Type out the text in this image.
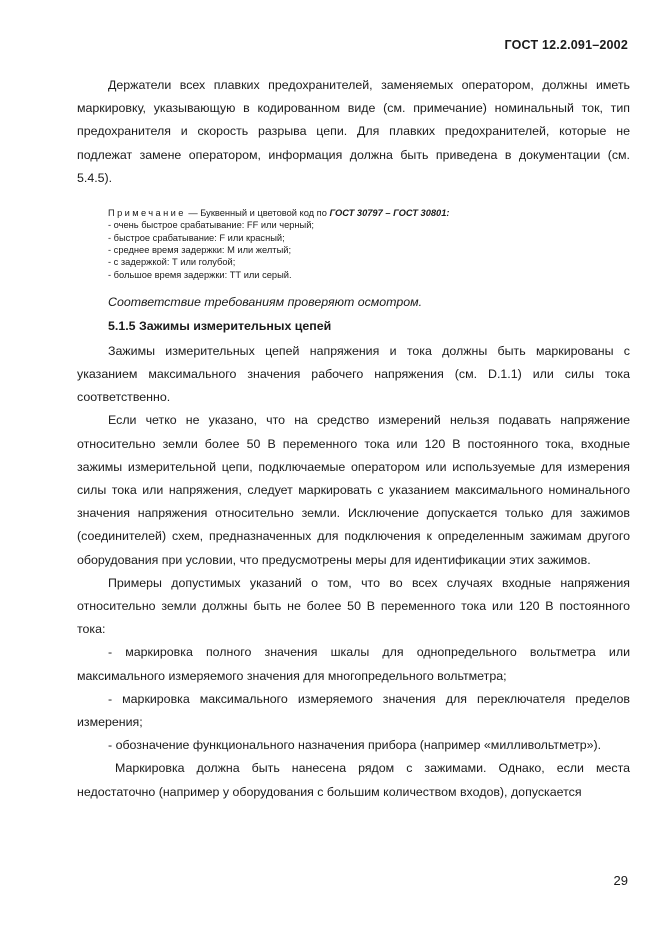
ГОСТ 12.2.091–2002

Держатели всех плавких предохранителей, заменяемых оператором, должны иметь маркировку, указывающую в кодированном виде (см. примечание) номинальный ток, тип предохранителя и скорость разрыва цепи. Для плавких предохранителей, которые не подлежат замене оператором, информация должна быть приведена в документации (см. 5.4.5).

Примечание — Буквенный и цветовой код по ГОСТ 30797 – ГОСТ 30801:
- очень быстрое срабатывание: FF или черный;
- быстрое срабатывание: F или красный;
- среднее время задержки: М или желтый;
- с задержкой: Т или голубой;
- большое время задержки: ТТ или серый.
Соответствие требованиям проверяют осмотром.
5.1.5 Зажимы измерительных цепей

Зажимы измерительных цепей напряжения и тока должны быть маркированы с указанием максимального значения рабочего напряжения (см. D.1.1) или силы тока соответственно.

Если четко не указано, что на средство измерений нельзя подавать напряжение относительно земли более 50 В переменного тока или 120 В постоянного тока, входные зажимы измерительной цепи, подключаемые оператором или используемые для измерения силы тока или напряжения, следует маркировать с указанием максимального номинального значения напряжения относительно земли. Исключение допускается только для зажимов (соединителей) схем, предназначенных для подключения к определенным зажимам другого оборудования при условии, что предусмотрены меры для идентификации этих зажимов.

Примеры допустимых указаний о том, что во всех случаях входные напряжения относительно земли должны быть не более 50 В переменного тока или 120 В постоянного тока:

- маркировка полного значения шкалы для однопредельного вольтметра или максимального измеряемого значения для многопредельного вольтметра;

- маркировка максимального измеряемого значения для переключателя пределов измерения;

- обозначение функционального назначения прибора (например «милливольтметр»).

Маркировка должна быть нанесена рядом с зажимами. Однако, если места недостаточно (например у оборудования с большим количеством входов), допускается

29
